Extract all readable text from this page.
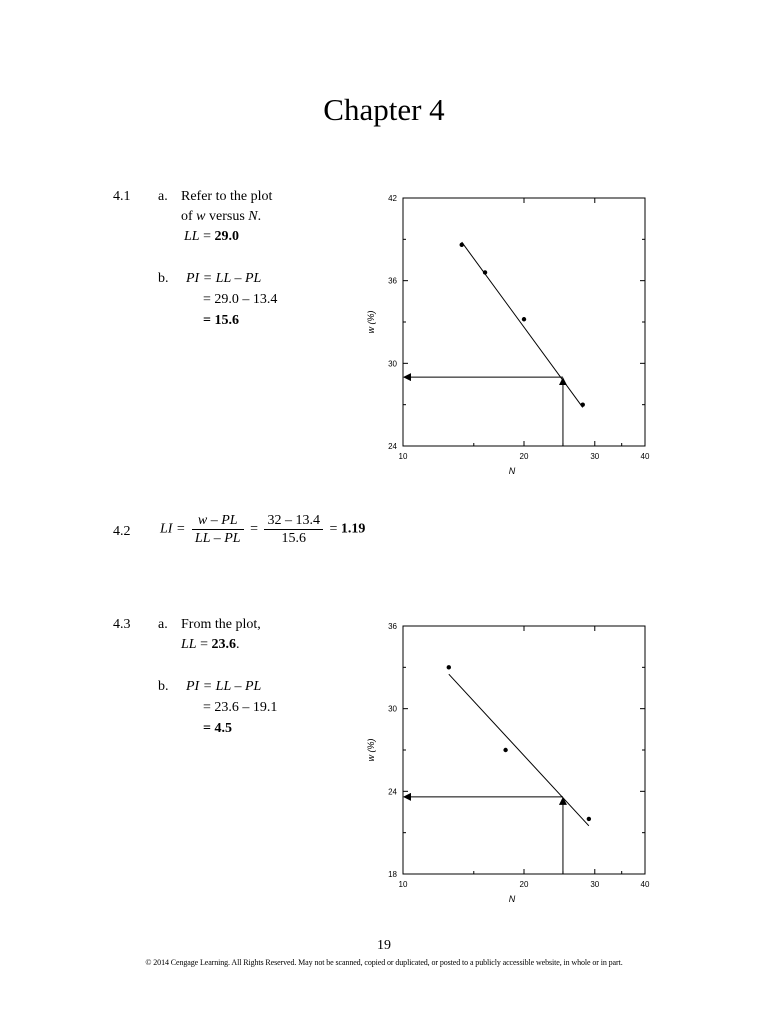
Chapter 4
4.1 a. Refer to the plot
of w versus N.
LL = 29.0
b. PI = LL – PL
= 29.0 – 13.4
= 15.6
24
30
36
42
10	20	30	40
N
w (%)
4.2 LI = $\frac{w - PL}{LL - PL} = \frac{32 - 13.4}{15.6} = 1.19$
4.3 a. From the plot,
LL = 23.6.
b. PI = LL – PL
= 23.6 – 19.1
= 4.5
18
24
30
36
10	20	30	40
N
w (%)
19
© 2014 Cengage Learning. All Rights Reserved. May not be scanned, copied or duplicated, or posted to a publicly accessible website, in whole or in part.
